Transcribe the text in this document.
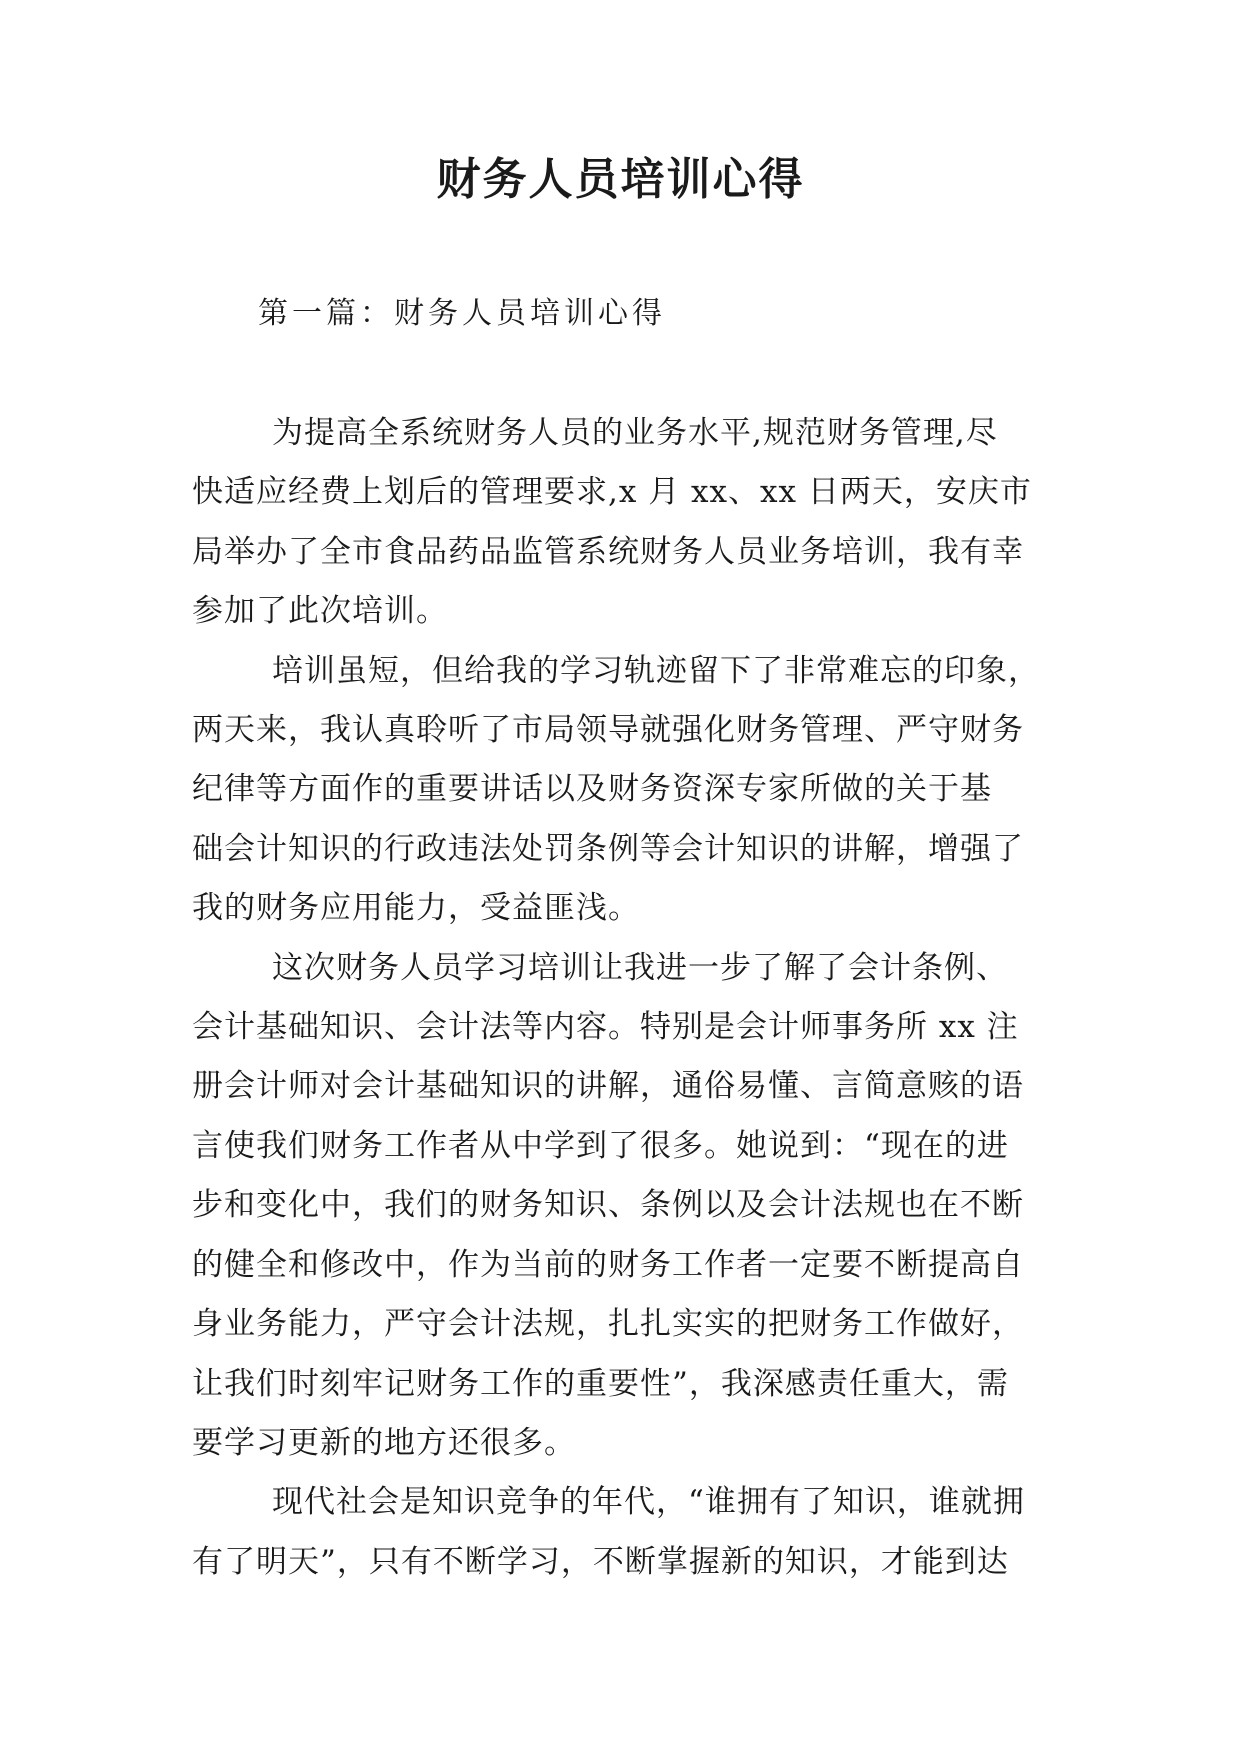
财务人员培训心得

第一篇：财务人员培训心得

为提高全系统财务人员的业务水平,规范财务管理,尽
快适应经费上划后的管理要求,x 月 xx、xx 日两天，安庆市
局举办了全市食品药品监管系统财务人员业务培训，我有幸
参加了此次培训。

培训虽短，但给我的学习轨迹留下了非常难忘的印象，
两天来，我认真聆听了市局领导就强化财务管理、严守财务
纪律等方面作的重要讲话以及财务资深专家所做的关于基
础会计知识的行政违法处罚条例等会计知识的讲解，增强了
我的财务应用能力，受益匪浅。

这次财务人员学习培训让我进一步了解了会计条例、
会计基础知识、会计法等内容。特别是会计师事务所 xx 注
册会计师对会计基础知识的讲解，通俗易懂、言简意赅的语
言使我们财务工作者从中学到了很多。她说到：“现在的进
步和变化中，我们的财务知识、条例以及会计法规也在不断
的健全和修改中，作为当前的财务工作者一定要不断提高自
身业务能力，严守会计法规，扎扎实实的把财务工作做好，
让我们时刻牢记财务工作的重要性”，我深感责任重大，需
要学习更新的地方还很多。

现代社会是知识竞争的年代，“谁拥有了知识，谁就拥
有了明天”，只有不断学习，不断掌握新的知识，才能到达
